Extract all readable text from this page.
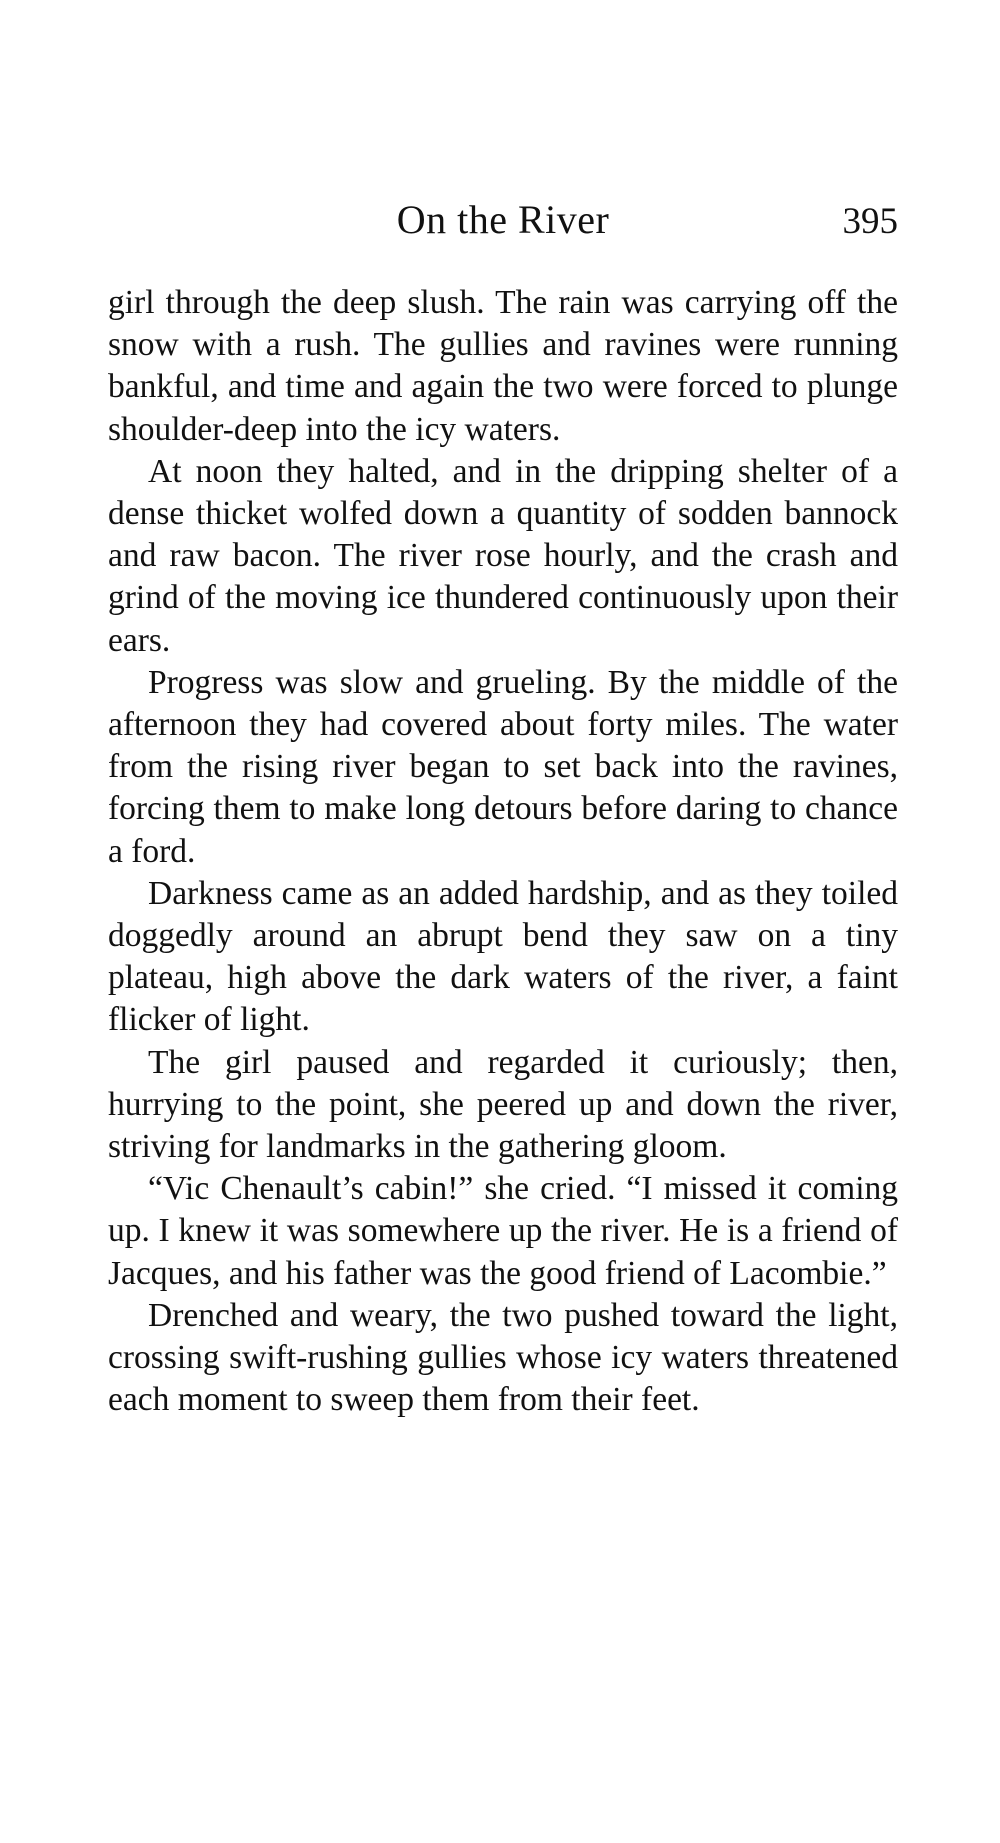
On the River	395

girl through the deep slush. The rain was carrying off the snow with a rush. The gullies and ravines were running bankful, and time and again the two were forced to plunge shoulder-deep into the icy waters.

At noon they halted, and in the dripping shelter of a dense thicket wolfed down a quantity of sodden bannock and raw bacon. The river rose hourly, and the crash and grind of the moving ice thundered continuously upon their ears.

Progress was slow and grueling. By the middle of the afternoon they had covered about forty miles. The water from the rising river began to set back into the ravines, forcing them to make long detours before daring to chance a ford.

Darkness came as an added hardship, and as they toiled doggedly around an abrupt bend they saw on a tiny plateau, high above the dark waters of the river, a faint flicker of light.

The girl paused and regarded it curiously; then, hurrying to the point, she peered up and down the river, striving for landmarks in the gathering gloom.

“Vic Chenault’s cabin!” she cried. “I missed it coming up. I knew it was somewhere up the river. He is a friend of Jacques, and his father was the good friend of Lacombie.”

Drenched and weary, the two pushed toward the light, crossing swift-rushing gullies whose icy waters threatened each moment to sweep them from their feet.
